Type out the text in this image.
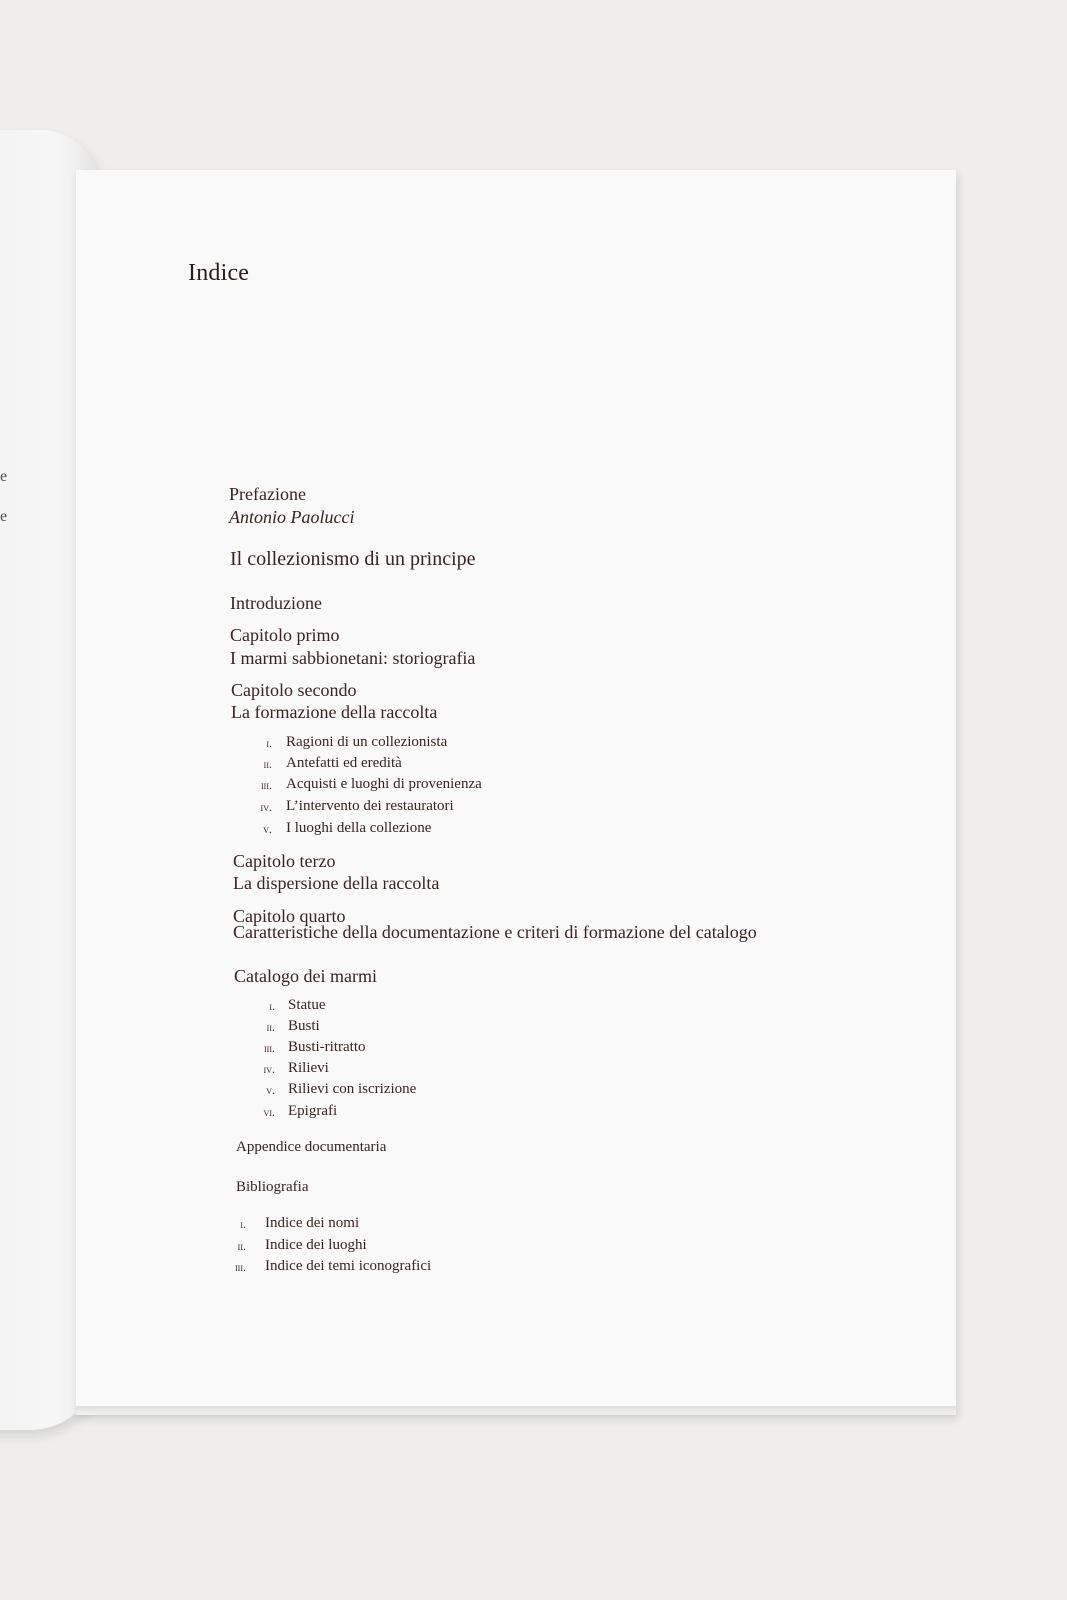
e
e
Indice
Prefazione
Antonio Paolucci
Il collezionismo di un principe
Introduzione
Capitolo primo
I marmi sabbionetani: storiografia
Capitolo secondo
La formazione della raccolta
i. Ragioni di un collezionista
ii. Antefatti ed eredità
iii. Acquisti e luoghi di provenienza
iv. L’intervento dei restauratori
v. I luoghi della collezione
Capitolo terzo
La dispersione della raccolta
Capitolo quarto
Caratteristiche della documentazione e criteri di formazione del catalogo
Catalogo dei marmi
i. Statue
ii. Busti
iii. Busti-ritratto
iv. Rilievi
v. Rilievi con iscrizione
vi. Epigrafi
Appendice documentaria
Bibliografia
i. Indice dei nomi
ii. Indice dei luoghi
iii. Indice dei temi iconografici
